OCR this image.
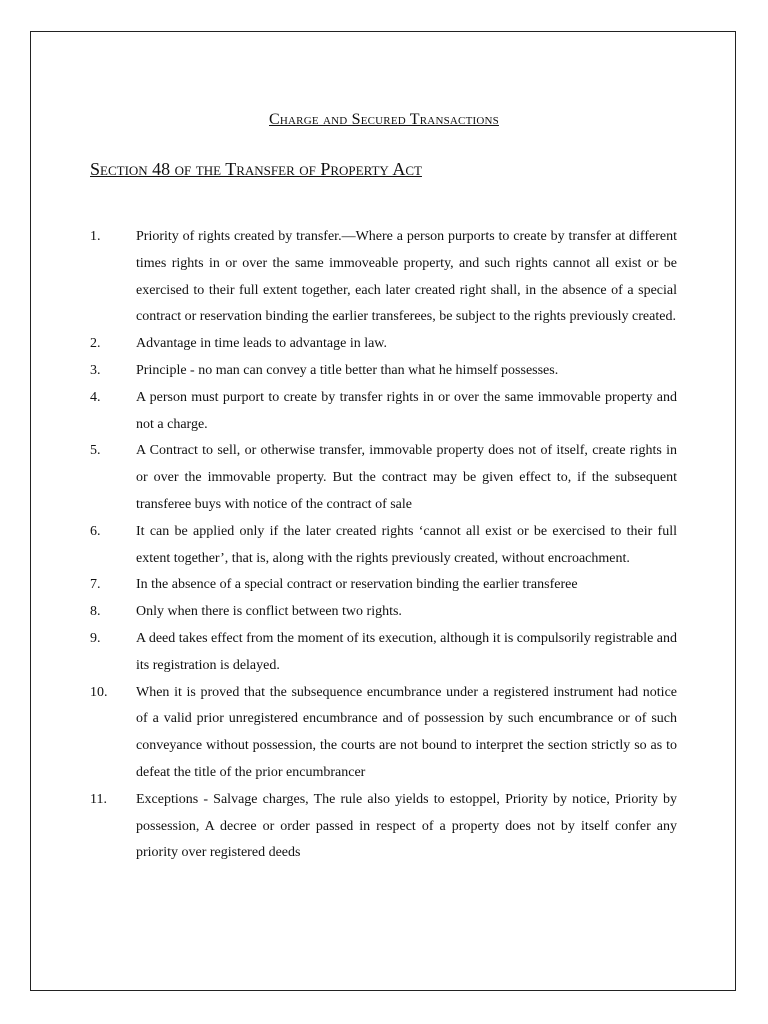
Charge and Secured Transactions
Section 48 of the Transfer of Property Act
1.	Priority of rights created by transfer.—Where a person purports to create by transfer at different times rights in or over the same immoveable property, and such rights cannot all exist or be exercised to their full extent together, each later created right shall, in the absence of a special contract or reservation binding the earlier transferees, be subject to the rights previously created.
2.	Advantage in time leads to advantage in law.
3.	Principle - no man can convey a title better than what he himself possesses.
4.	A person must purport to create by transfer rights in or over the same immovable property and not a charge.
5.	A Contract to sell, or otherwise transfer, immovable property does not of itself, create rights in or over the immovable property. But the contract may be given effect to, if the subsequent transferee buys with notice of the contract of sale
6.	It can be applied only if the later created rights ‘cannot all exist or be exercised to their full extent together’, that is, along with the rights previously created, without encroachment.
7.	In the absence of a special contract or reservation binding the earlier transferee
8.	Only when there is conflict between two rights.
9.	A deed takes effect from the moment of its execution, although it is compulsorily registrable and its registration is delayed.
10.	When it is proved that the subsequence encumbrance under a registered instrument had notice of a valid prior unregistered encumbrance and of possession by such encumbrance or of such conveyance without possession, the courts are not bound to interpret the section strictly so as to defeat the title of the prior encumbrancer
11.	Exceptions - Salvage charges, The rule also yields to estoppel, Priority by notice, Priority by possession, A decree or order passed in respect of a property does not by itself confer any priority over registered deeds
